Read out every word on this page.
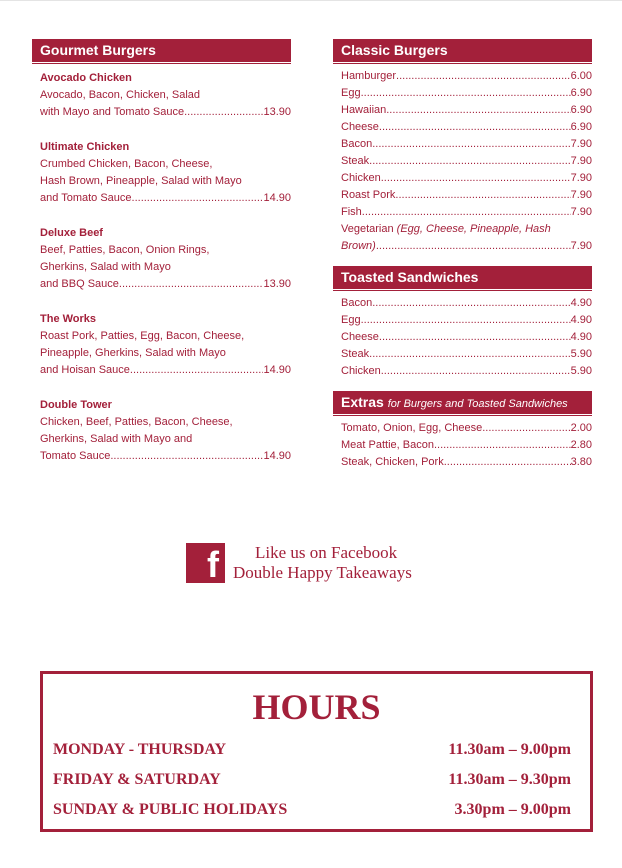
Gourmet Burgers
Avocado Chicken
Avocado, Bacon, Chicken, Salad
with Mayo and Tomato Sauce .....	13.90
Ultimate Chicken
Crumbed Chicken, Bacon, Cheese,
Hash Brown, Pineapple, Salad with Mayo
and Tomato Sauce .....	14.90
Deluxe Beef
Beef, Patties, Bacon, Onion Rings,
Gherkins, Salad with Mayo
and BBQ Sauce .....	13.90
The Works
Roast Pork, Patties, Egg, Bacon, Cheese,
Pineapple, Gherkins, Salad with Mayo
and Hoisan Sauce .....	14.90
Double Tower
Chicken, Beef, Patties, Bacon, Cheese,
Gherkins, Salad with Mayo and
Tomato Sauce .....	14.90
Classic Burgers
Hamburger .....	6.00
Egg .....	6.90
Hawaiian .....	6.90
Cheese .....	6.90
Bacon .....	7.90
Steak .....	7.90
Chicken .....	7.90
Roast Pork .....	7.90
Fish .....	7.90
Vegetarian (Egg, Cheese, Pineapple, Hash
Brown) .....	7.90
Toasted Sandwiches
Bacon .....	4.90
Egg .....	4.90
Cheese .....	4.90
Steak .....	5.90
Chicken .....	5.90
Extras for Burgers and Toasted Sandwiches
Tomato, Onion, Egg, Cheese .....	2.00
Meat Pattie, Bacon .....	2.80
Steak, Chicken, Pork .....	3.80
f	Like us on Facebook
Double Happy Takeaways
HOURS
MONDAY - THURSDAY	11.30am – 9.00pm
FRIDAY & SATURDAY	11.30am – 9.30pm
SUNDAY & PUBLIC HOLIDAYS	3.30pm – 9.00pm
